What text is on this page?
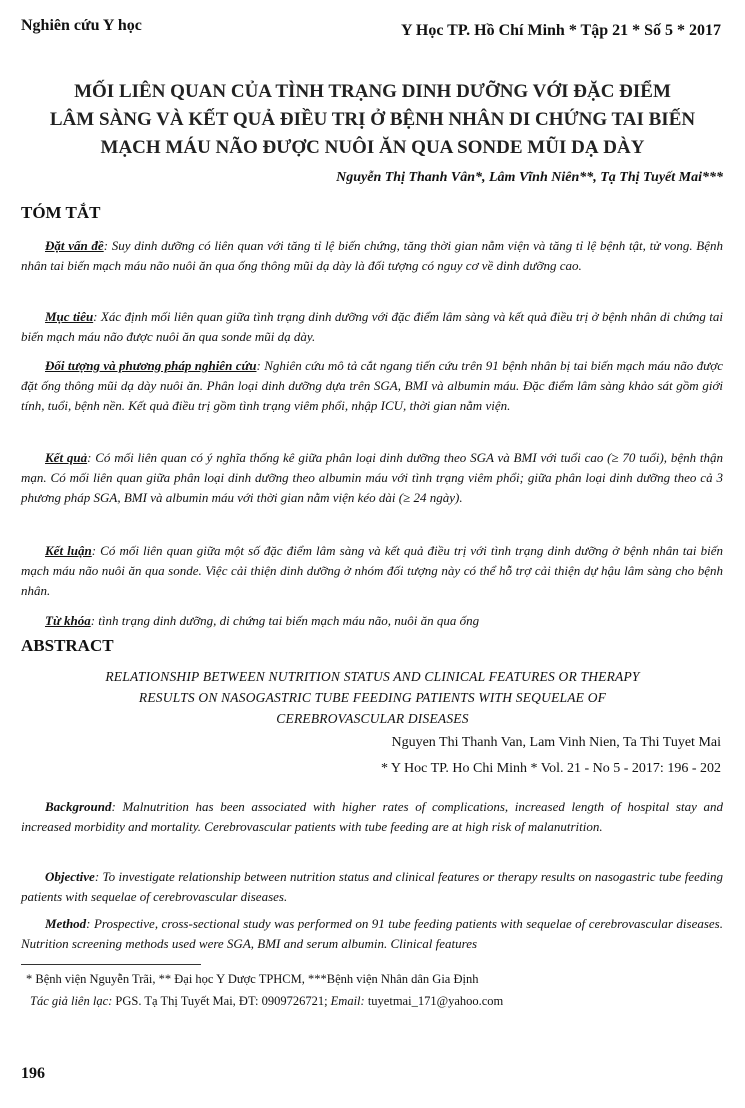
Nghiên cứu Y học	Y Học TP. Hồ Chí Minh * Tập 21 * Số 5 * 2017
MỐI LIÊN QUAN CỦA TÌNH TRẠNG DINH DƯỠNG VỚI ĐẶC ĐIỂM
LÂM SÀNG VÀ KẾT QUẢ ĐIỀU TRỊ Ở BỆNH NHÂN DI CHỨNG TAI BIẾN
MẠCH MÁU NÃO ĐƯỢC NUÔI ĂN QUA SONDE MŨI DẠ DÀY
Nguyễn Thị Thanh Vân*, Lâm Vĩnh Niên**, Tạ Thị Tuyết Mai***
TÓM TẮT
Đặt vấn đề: Suy dinh dưỡng có liên quan với tăng tỉ lệ biến chứng, tăng thời gian nằm viện và tăng tỉ lệ bệnh tật, tử vong. Bệnh nhân tai biến mạch máu não nuôi ăn qua ống thông mũi dạ dày là đối tượng có nguy cơ về dinh dưỡng cao.
Mục tiêu: Xác định mối liên quan giữa tình trạng dinh dưỡng với đặc điểm lâm sàng và kết quả điều trị ở bệnh nhân di chứng tai biến mạch máu não được nuôi ăn qua sonde mũi dạ dày.
Đối tượng và phương pháp nghiên cứu: Nghiên cứu mô tả cắt ngang tiến cứu trên 91 bệnh nhân bị tai biến mạch máu não được đặt ống thông mũi dạ dày nuôi ăn. Phân loại dinh dưỡng dựa trên SGA, BMI và albumin máu. Đặc điểm lâm sàng khảo sát gồm giới tính, tuổi, bệnh nền. Kết quả điều trị gồm tình trạng viêm phổi, nhập ICU, thời gian nằm viện.
Kết quả: Có mối liên quan có ý nghĩa thống kê giữa phân loại dinh dưỡng theo SGA và BMI với tuổi cao (≥ 70 tuổi), bệnh thận mạn. Có mối liên quan giữa phân loại dinh dưỡng theo albumin máu với tình trạng viêm phổi; giữa phân loại dinh dưỡng theo cả 3 phương pháp SGA, BMI và albumin máu với thời gian nằm viện kéo dài (≥ 24 ngày).
Kết luận: Có mối liên quan giữa một số đặc điểm lâm sàng và kết quả điều trị với tình trạng dinh dưỡng ở bệnh nhân tai biến mạch máu não nuôi ăn qua sonde. Việc cải thiện dinh dưỡng ở nhóm đối tượng này có thể hỗ trợ cải thiện dự hậu lâm sàng cho bệnh nhân.
Từ khóa: tình trạng dinh dưỡng, di chứng tai biến mạch máu não, nuôi ăn qua ống
ABSTRACT
RELATIONSHIP BETWEEN NUTRITION STATUS AND CLINICAL FEATURES OR THERAPY
RESULTS ON NASOGASTRIC TUBE FEEDING PATIENTS WITH SEQUELAE OF
CEREBROVASCULAR DISEASES
Nguyen Thi Thanh Van, Lam Vinh Nien, Ta Thi Tuyet Mai
* Y Hoc TP. Ho Chi Minh * Vol. 21 - No 5 - 2017: 196 - 202
Background: Malnutrition has been associated with higher rates of complications, increased length of hospital stay and increased morbidity and mortality. Cerebrovascular patients with tube feeding are at high risk of malanutrition.
Objective: To investigate relationship between nutrition status and clinical features or therapy results on nasogastric tube feeding patients with sequelae of cerebrovascular diseases.
Method: Prospective, cross-sectional study was performed on 91 tube feeding patients with sequelae of cerebrovascular diseases. Nutrition screening methods used were SGA, BMI and serum albumin. Clinical features
* Bệnh viện Nguyễn Trãi, ** Đại học Y Dược TPHCM, ***Bệnh viện Nhân dân Gia Định
Tác giả liên lạc: PGS. Tạ Thị Tuyết Mai, ĐT: 0909726721; Email: tuyetmai_171@yahoo.com
196
